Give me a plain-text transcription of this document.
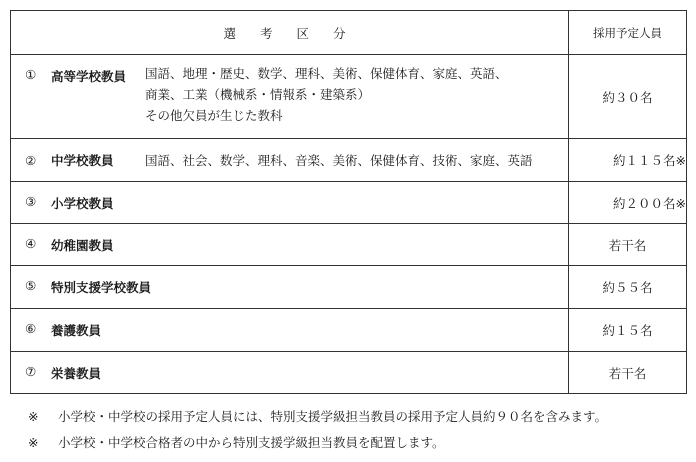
選 考 区 分	採用予定人員

① 高等学校教員 国語、地理・歴史、数学、理科、美術、保健体育、家庭、英語、
商業、工業（機械系・情報系・建築系）
その他欠員が生じた教科	約３０名

② 中学校教員 国語、社会、数学、理科、音楽、美術、保健体育、技術、家庭、英語	約１１５名※

③ 小学校教員	約２００名※

④ 幼稚園教員	若干名

⑤ 特別支援学校教員	約５５名

⑥ 養護教員	約１５名

⑦ 栄養教員	若干名
※	小学校・中学校の採用予定人員には、特別支援学級担当教員の採用予定人員約９０名を含みます。
※	小学校・中学校合格者の中から特別支援学級担当教員を配置します。
